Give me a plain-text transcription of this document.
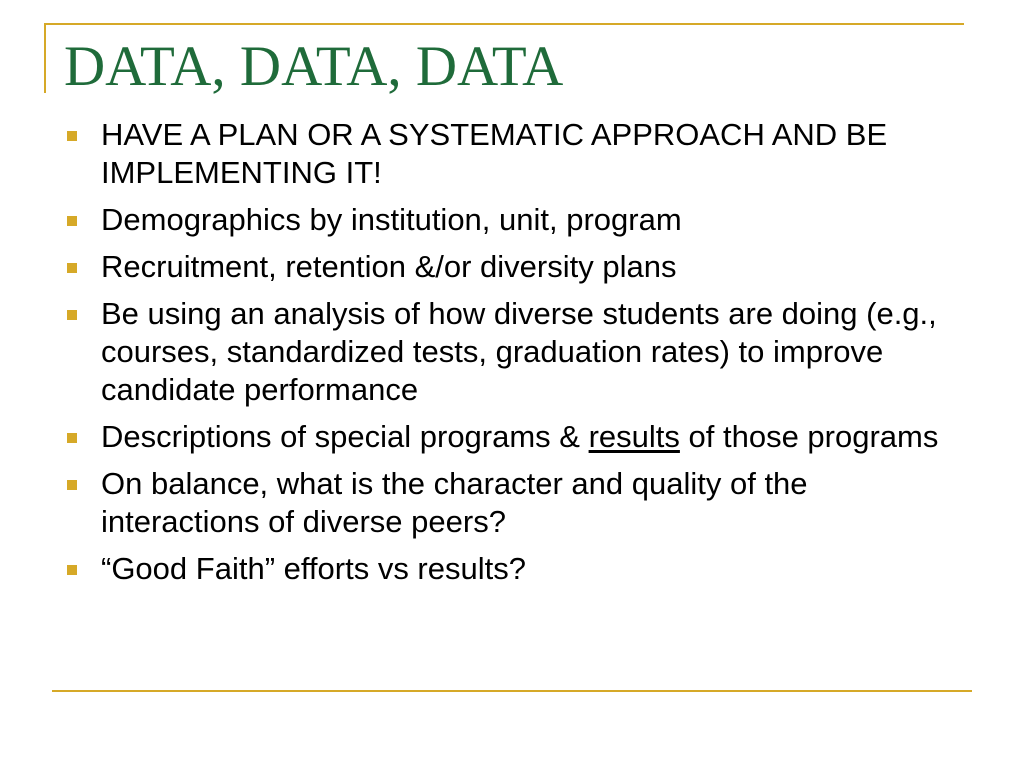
DATA, DATA, DATA
HAVE A PLAN OR A SYSTEMATIC APPROACH AND BE IMPLEMENTING IT!
Demographics by institution, unit, program
Recruitment, retention &/or diversity plans
Be using an analysis of how diverse students are doing (e.g., courses, standardized tests, graduation rates) to improve candidate performance
Descriptions of special programs & results of those programs
On balance, what is the character and quality of the interactions of diverse peers?
“Good Faith” efforts vs results?
